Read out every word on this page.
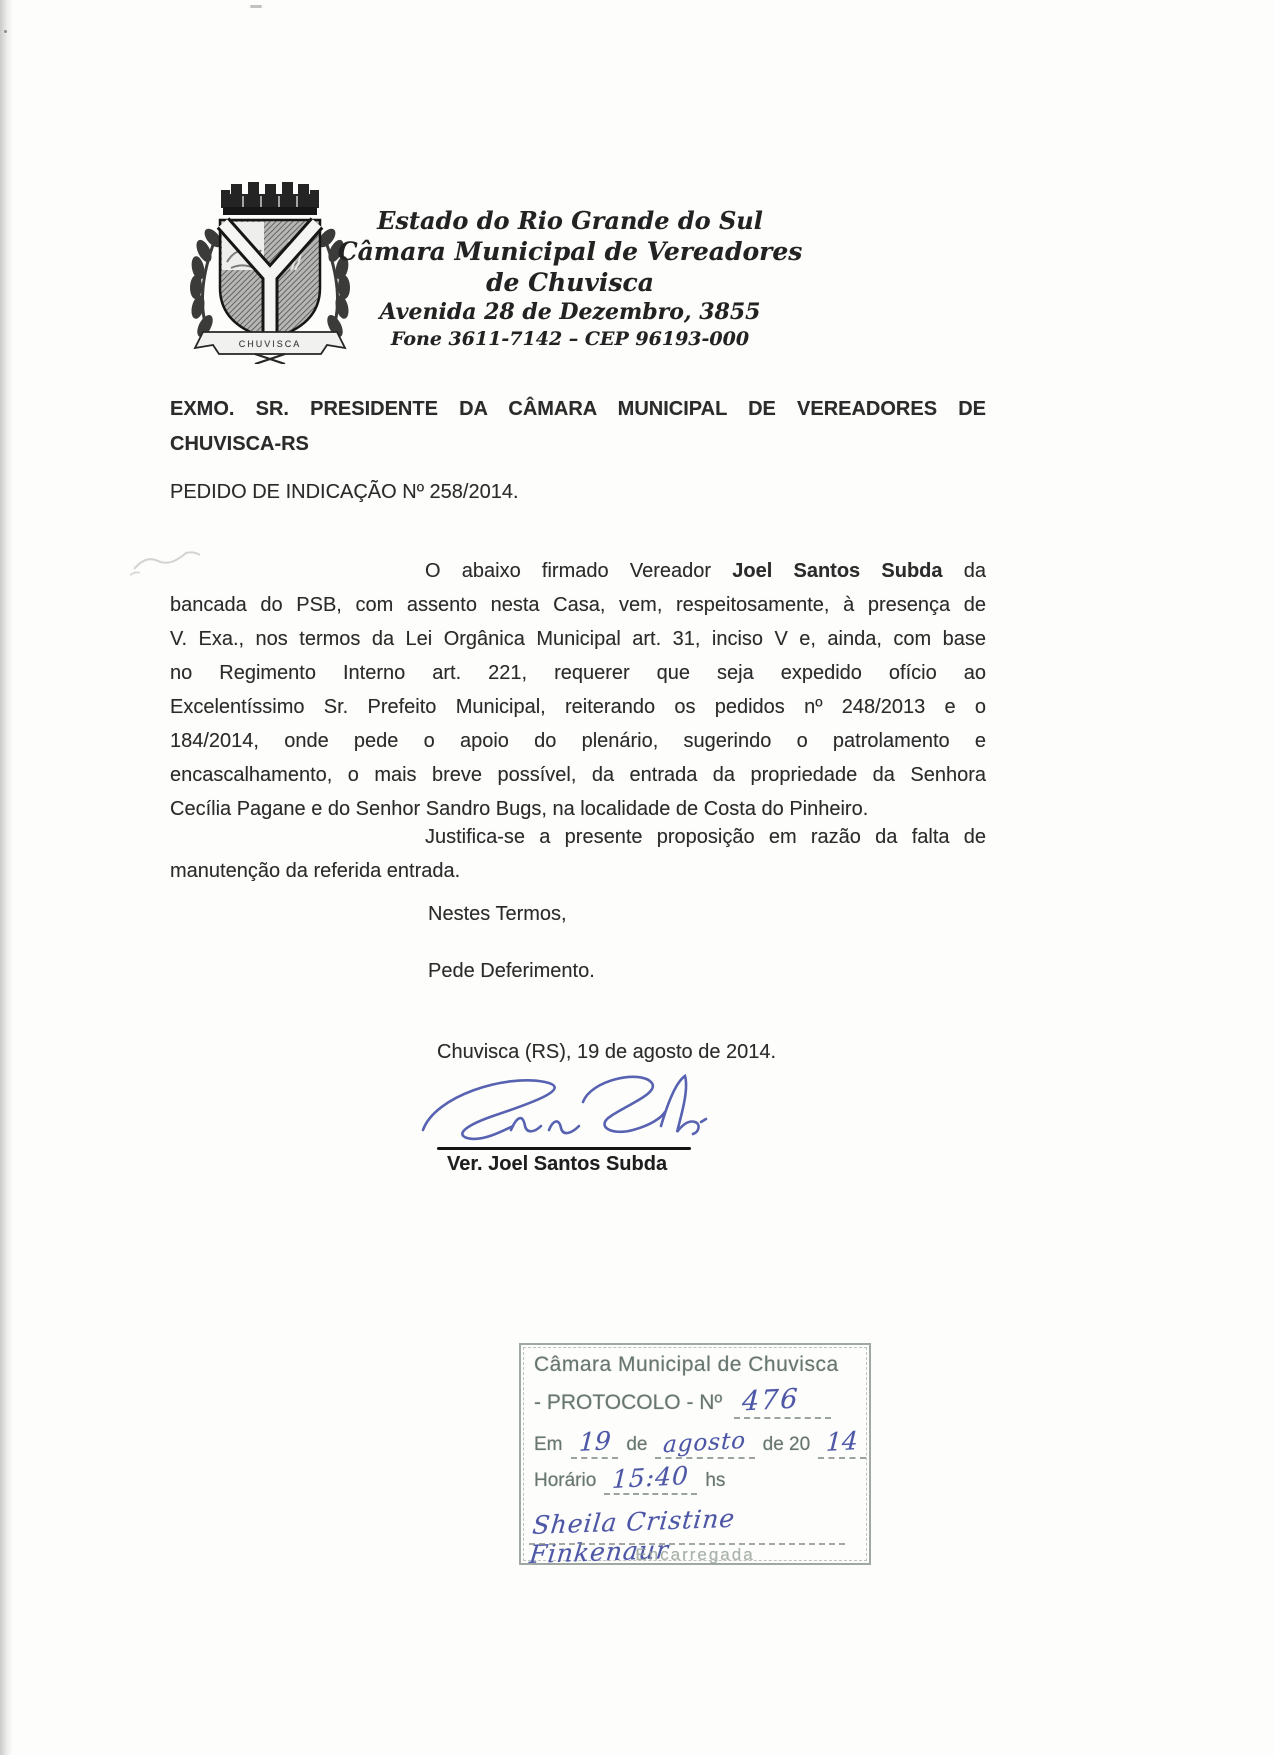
CHUVISCA
Estado do Rio Grande do Sul
Câmara Municipal de Vereadores de Chuvisca
Avenida 28 de Dezembro, 3855
Fone 3611-7142 – CEP 96193-000
EXMO. SR. PRESIDENTE DA CÂMARA MUNICIPAL DE VEREADORES DE
CHUVISCA-RS
PEDIDO DE INDICAÇÃO Nº 258/2014.
O abaixo firmado Vereador Joel Santos Subda da
bancada do PSB, com assento nesta Casa, vem, respeitosamente, à presença de
V. Exa., nos termos da Lei Orgânica Municipal art. 31, inciso V e, ainda, com base
no Regimento Interno art. 221, requerer que seja expedido ofício ao
Excelentíssimo Sr. Prefeito Municipal, reiterando os pedidos nº 248/2013 e o
184/2014, onde pede o apoio do plenário, sugerindo o patrolamento e
encascalhamento, o mais breve possível, da entrada da propriedade da Senhora
Cecília Pagane e do Senhor Sandro Bugs, na localidade de Costa do Pinheiro.
Justifica-se a presente proposição em razão da falta de
manutenção da referida entrada.
Nestes Termos,
Pede Deferimento.
Chuvisca (RS), 19 de agosto de 2014.
Ver. Joel Santos Subda
Câmara Municipal de Chuvisca
- PROTOCOLO - Nº 476
Em 19 de agosto de 20 14
Horário 15:40 hs
Sheila Cristine Finkenaur
Encarregada
